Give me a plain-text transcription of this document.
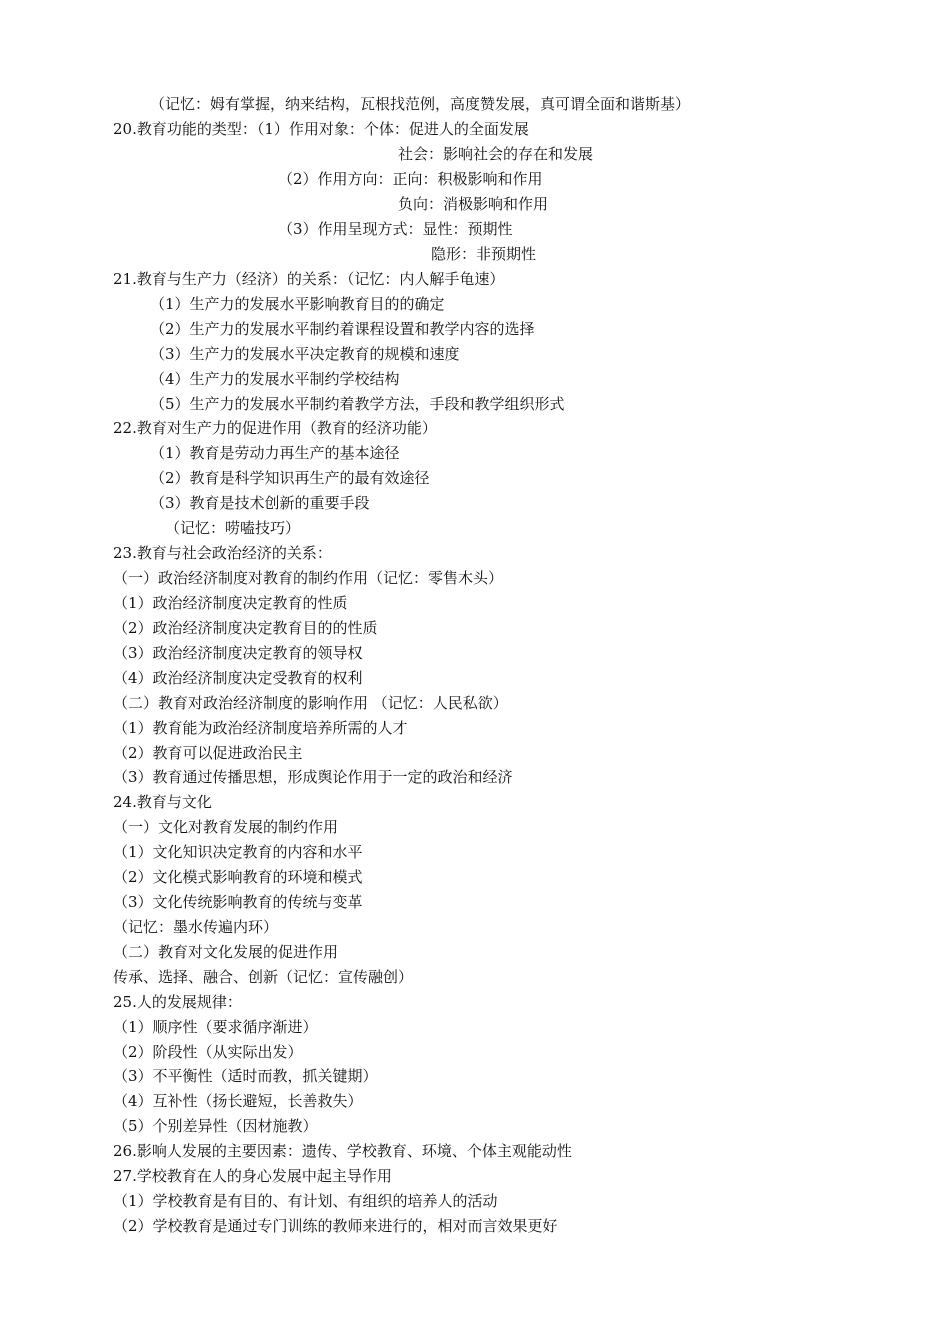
（记忆：姆有掌握，纳来结构，瓦根找范例，高度赞发展，真可谓全面和谐斯基）
20.教育功能的类型：（1）作用对象：个体：促进人的全面发展
社会：影响社会的存在和发展
（2）作用方向：正向：积极影响和作用
负向：消极影响和作用
（3）作用呈现方式：显性：预期性
隐形：非预期性
21.教育与生产力（经济）的关系：（记忆：内人解手龟速）
（1）生产力的发展水平影响教育目的的确定
（2）生产力的发展水平制约着课程设置和教学内容的选择
（3）生产力的发展水平决定教育的规模和速度
（4）生产力的发展水平制约学校结构
（5）生产力的发展水平制约着教学方法，手段和教学组织形式
22.教育对生产力的促进作用（教育的经济功能）
（1）教育是劳动力再生产的基本途径
（2）教育是科学知识再生产的最有效途径
（3）教育是技术创新的重要手段
（记忆：唠嗑技巧）
23.教育与社会政治经济的关系：
（一）政治经济制度对教育的制约作用（记忆：零售木头）
（1）政治经济制度决定教育的性质
（2）政治经济制度决定教育目的的性质
（3）政治经济制度决定教育的领导权
（4）政治经济制度决定受教育的权利
（二）教育对政治经济制度的影响作用 （记忆：人民私欲）
（1）教育能为政治经济制度培养所需的人才
（2）教育可以促进政治民主
（3）教育通过传播思想，形成舆论作用于一定的政治和经济
24.教育与文化
（一）文化对教育发展的制约作用
（1）文化知识决定教育的内容和水平
（2）文化模式影响教育的环境和模式
（3）文化传统影响教育的传统与变革
（记忆：墨水传遍内环）
（二）教育对文化发展的促进作用
传承、选择、融合、创新（记忆：宣传融创）
25.人的发展规律：
（1）顺序性（要求循序渐进）
（2）阶段性（从实际出发）
（3）不平衡性（适时而教，抓关键期）
（4）互补性（扬长避短，长善救失）
（5）个别差异性（因材施教）
26.影响人发展的主要因素：遗传、学校教育、环境、个体主观能动性
27.学校教育在人的身心发展中起主导作用
（1）学校教育是有目的、有计划、有组织的培养人的活动
（2）学校教育是通过专门训练的教师来进行的，相对而言效果更好
